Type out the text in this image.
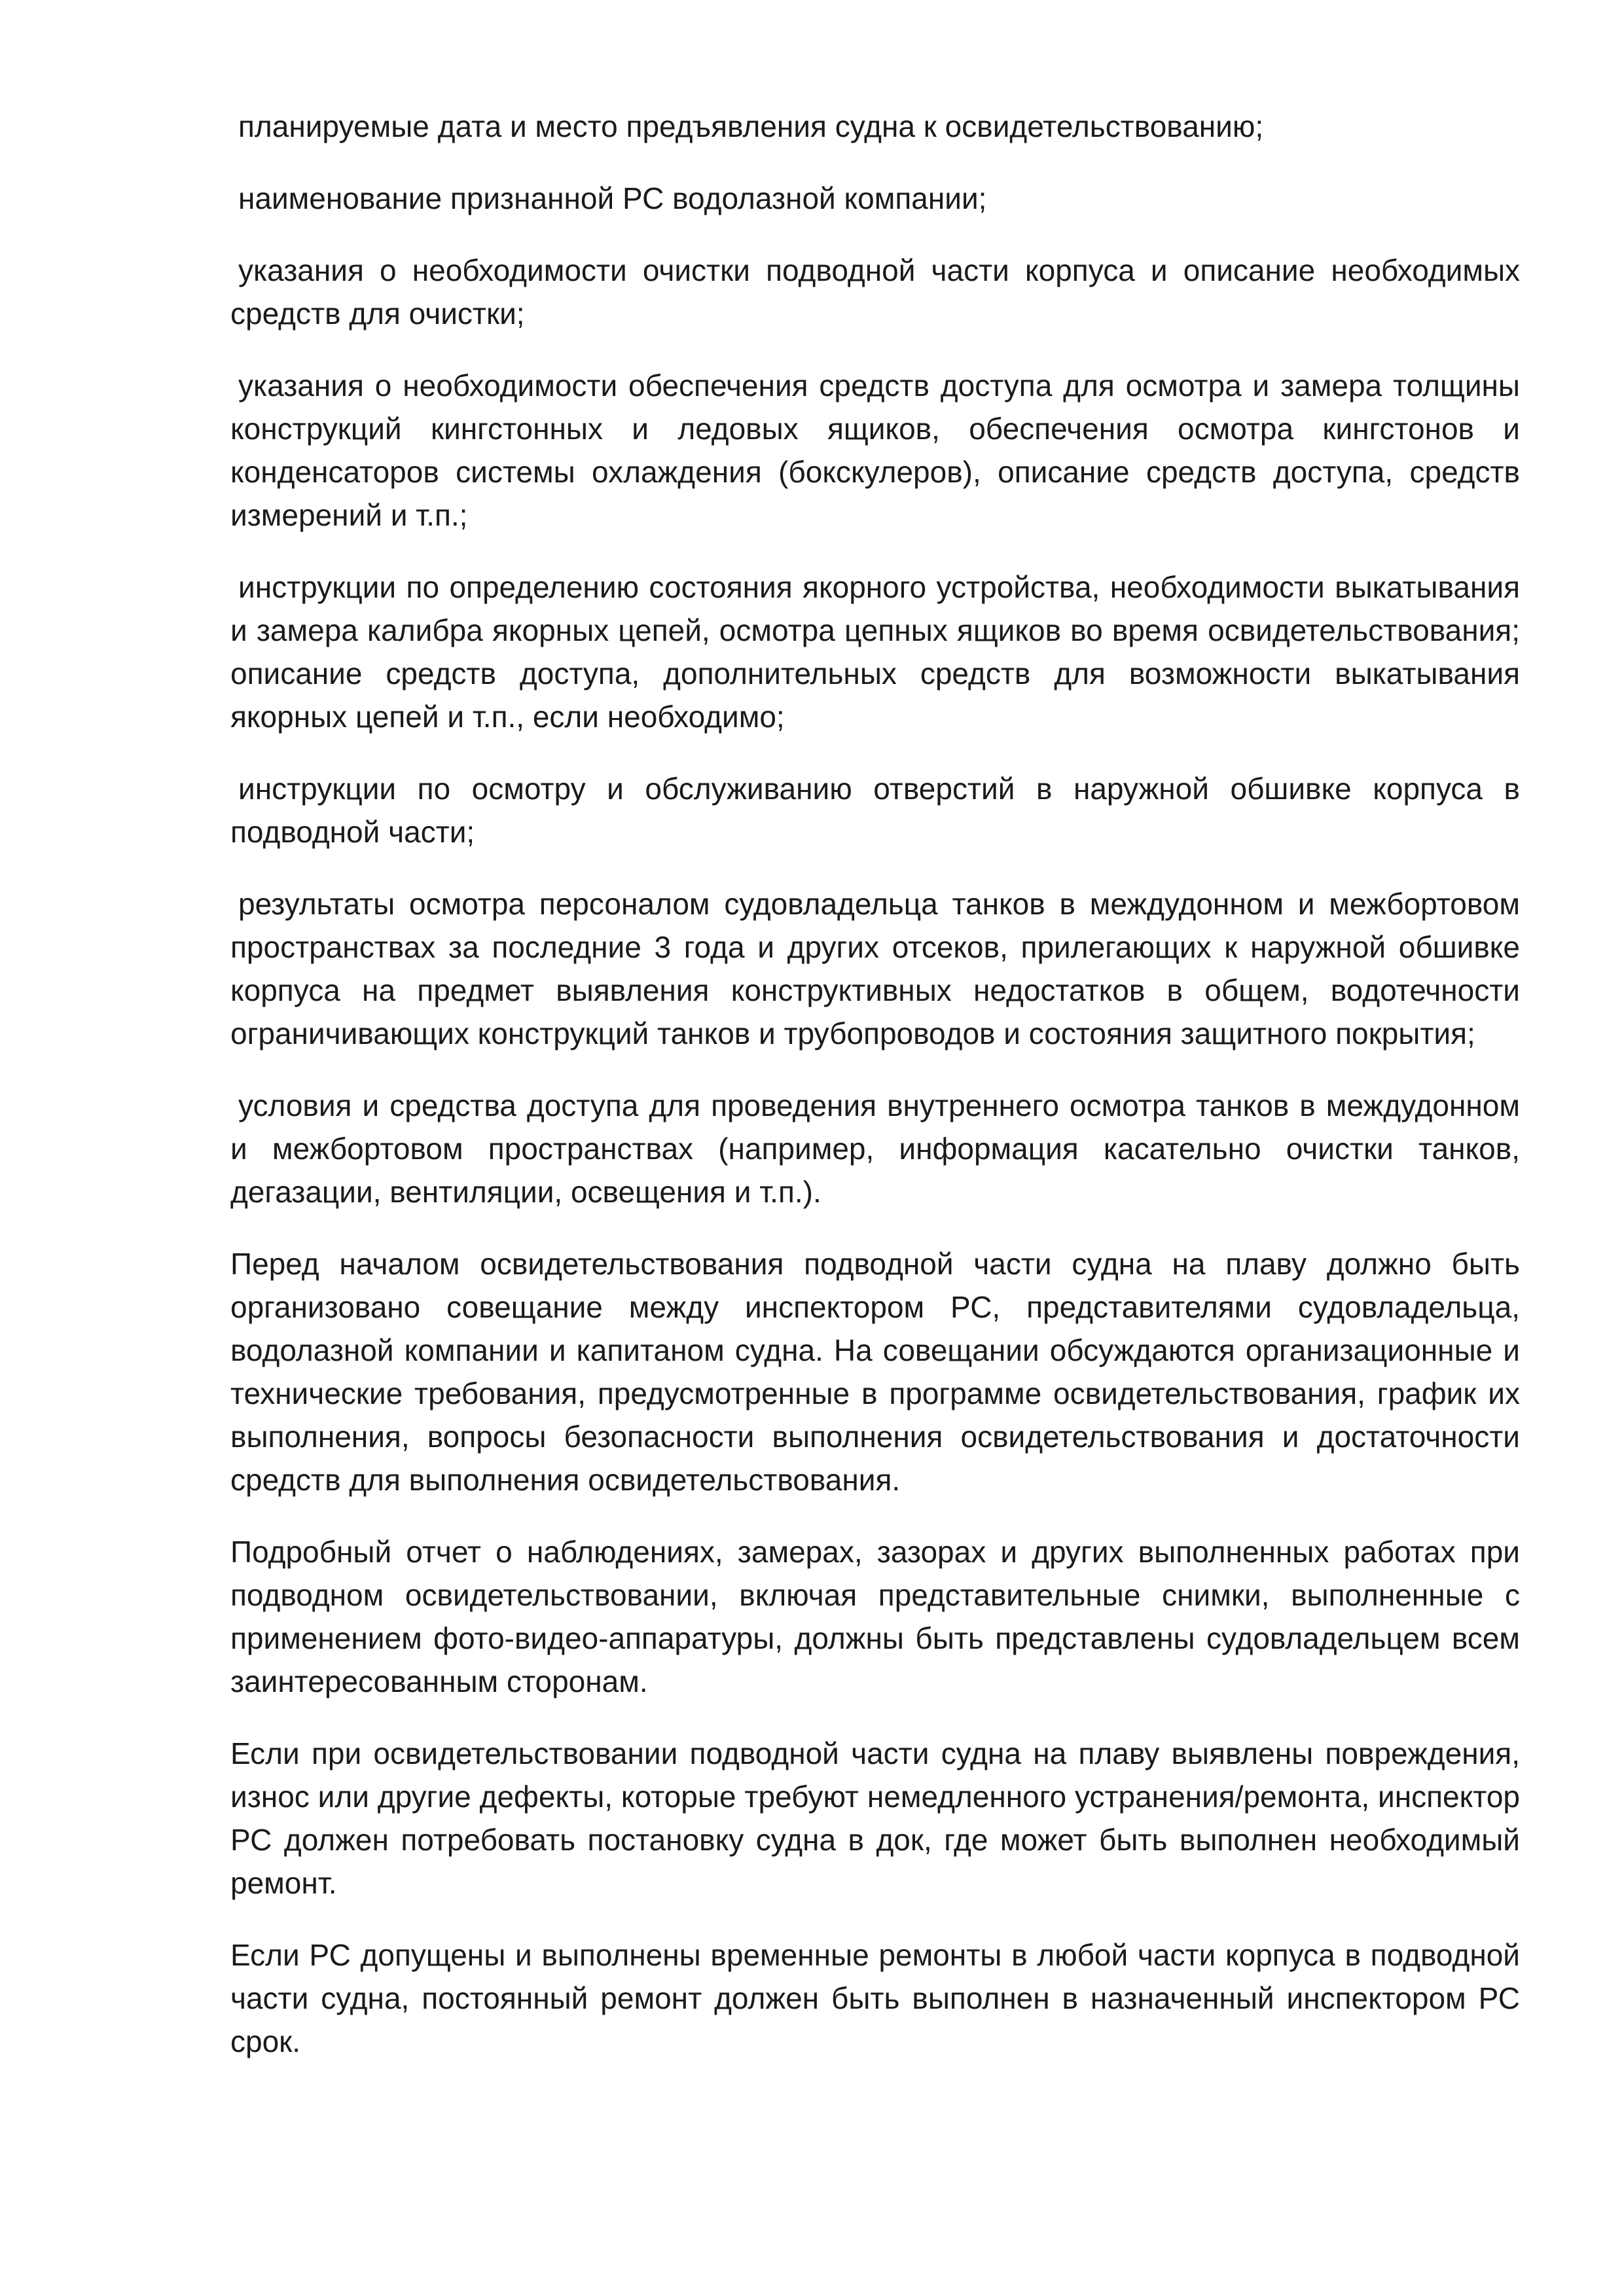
планируемые дата и место предъявления судна к освидетельствованию;

наименование признанной РС водолазной компании;

указания о необходимости очистки подводной части корпуса и описание необходимых средств для очистки;

указания о необходимости обеспечения средств доступа для осмотра и замера толщины конструкций кингстонных и ледовых ящиков, обеспечения осмотра кингстонов и конденсаторов системы охлаждения (бокскулеров), описание средств доступа, средств измерений и т.п.;

инструкции по определению состояния якорного устройства, необходимости выкатывания и замера калибра якорных цепей, осмотра цепных ящиков во время освидетельствования; описание средств доступа, дополнительных средств для возможности выкатывания якорных цепей и т.п., если необходимо;

инструкции по осмотру и обслуживанию отверстий в наружной обшивке корпуса в подводной части;

результаты осмотра персоналом судовладельца танков в междудонном и межбортовом пространствах за последние 3 года и других отсеков, прилегающих к наружной обшивке корпуса на предмет выявления конструктивных недостатков в общем, водотечности ограничивающих конструкций танков и трубопроводов и состояния защитного покрытия;

условия и средства доступа для проведения внутреннего осмотра танков в междудонном и межбортовом пространствах (например, информация касательно очистки танков, дегазации, вентиляции, освещения и т.п.).

Перед началом освидетельствования подводной части судна на плаву должно быть организовано совещание между инспектором РС, представителями судовладельца, водолазной компании и капитаном судна. На совещании обсуждаются организационные и технические требования, предусмотренные в программе освидетельствования, график их выполнения, вопросы безопасности выполнения освидетельствования и достаточности средств для выполнения освидетельствования.

Подробный отчет о наблюдениях, замерах, зазорах и других выполненных работах при подводном освидетельствовании, включая представительные снимки, выполненные с применением фото-видео-аппаратуры, должны быть представлены судовладельцем всем заинтересованным сторонам.

Если при освидетельствовании подводной части судна на плаву выявлены повреждения, износ или другие дефекты, которые требуют немедленного устранения/ремонта, инспектор РС должен потребовать постановку судна в док, где может быть выполнен необходимый ремонт.

Если РС допущены и выполнены временные ремонты в любой части корпуса в подводной части судна, постоянный ремонт должен быть выполнен в назначенный инспектором РС срок.
